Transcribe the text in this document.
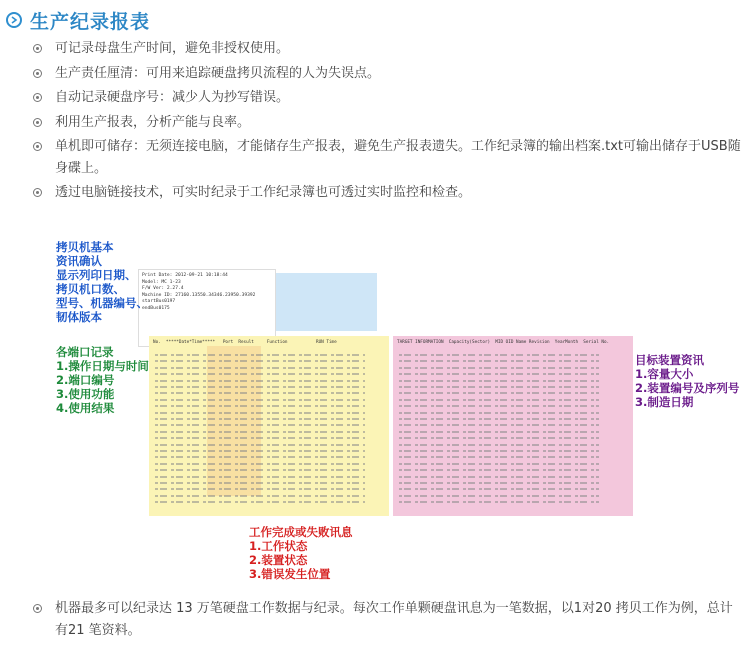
生产纪录报表
可记录母盘生产时间，避免非授权使用。
生产责任厘清：可用来追踪硬盘拷贝流程的人为失误点。
自动记录硬盘序号：减少人为抄写错误。
利用生产报表，分析产能与良率。
单机即可储存：无须连接电脑，才能储存生产报表，避免生产报表遗失。工作纪录簿的输出档案.txt可输出储存于USB随身碟上。
透过电脑链接技术，可实时纪录于工作纪录簿也可透过实时监控和检查。
Print Date: 2012-09-21 10:18:44
Model: MC 1-23
F/W Ver: 2.27.4
Machine ID: 27160.13550.34346.23950.39392
startBus0197
endBus0175
No.  *****Date*Time*****   Port  Result     Function           RUN Time	TARGET INFORMATION  Capacity(Sector)  MID OID Name Revision  YearMonth  Serial No.
拷贝机基本
资讯确认
显示列印日期、
拷贝机口数、
型号、机器编号、
韧体版本
各端口记录
1.操作日期与时间
2.端口编号
3.使用功能
4.使用结果
目标装置资讯
1.容量大小
2.装置编号及序列号
3.制造日期
工作完成或失败讯息
1.工作状态
2.装置状态
3.错误发生位置
机器最多可以纪录达 13 万笔硬盘工作数据与纪录。每次工作单颗硬盘讯息为一笔数据，以1对20 拷贝工作为例，总计有21 笔资料。
